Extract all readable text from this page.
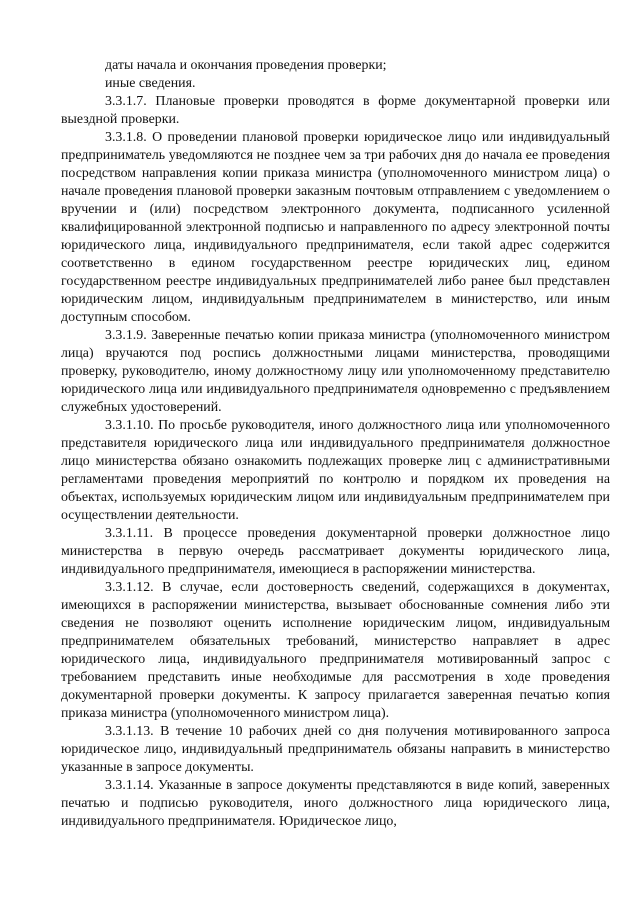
даты начала и окончания проведения проверки;

иные сведения.

3.3.1.7. Плановые проверки проводятся в форме документарной проверки или выездной проверки.

3.3.1.8. О проведении плановой проверки юридическое лицо или индивидуальный предприниматель уведомляются не позднее чем за три рабочих дня до начала ее проведения посредством направления копии приказа министра (уполномоченного министром лица) о начале проведения плановой проверки заказным почтовым отправлением с уведомлением о вручении и (или) посредством электронного документа, подписанного усиленной квалифицированной электронной подписью и направленного по адресу электронной почты юридического лица, индивидуального предпринимателя, если такой адрес содержится соответственно в едином государственном реестре юридических лиц, едином государственном реестре индивидуальных предпринимателей либо ранее был представлен юридическим лицом, индивидуальным предпринимателем в министерство, или иным доступным способом.

3.3.1.9. Заверенные печатью копии приказа министра (уполномоченного министром лица) вручаются под роспись должностными лицами министерства, проводящими проверку, руководителю, иному должностному лицу или уполномоченному представителю юридического лица или индивидуального предпринимателя одновременно с предъявлением служебных удостоверений.

3.3.1.10. По просьбе руководителя, иного должностного лица или уполномоченного представителя юридического лица или индивидуального предпринимателя должностное лицо министерства обязано ознакомить подлежащих проверке лиц с административными регламентами проведения мероприятий по контролю и порядком их проведения на объектах, используемых юридическим лицом или индивидуальным предпринимателем при осуществлении деятельности.

3.3.1.11. В процессе проведения документарной проверки должностное лицо министерства в первую очередь рассматривает документы юридического лица, индивидуального предпринимателя, имеющиеся в распоряжении министерства.

3.3.1.12. В случае, если достоверность сведений, содержащихся в документах, имеющихся в распоряжении министерства, вызывает обоснованные сомнения либо эти сведения не позволяют оценить исполнение юридическим лицом, индивидуальным предпринимателем обязательных требований, министерство направляет в адрес юридического лица, индивидуального предпринимателя мотивированный запрос с требованием представить иные необходимые для рассмотрения в ходе проведения документарной проверки документы. К запросу прилагается заверенная печатью копия приказа министра (уполномоченного министром лица).

3.3.1.13. В течение 10 рабочих дней со дня получения мотивированного запроса юридическое лицо, индивидуальный предприниматель обязаны направить в министерство указанные в запросе документы.

3.3.1.14. Указанные в запросе документы представляются в виде копий, заверенных печатью и подписью руководителя, иного должностного лица юридического лица, индивидуального предпринимателя. Юридическое лицо,
